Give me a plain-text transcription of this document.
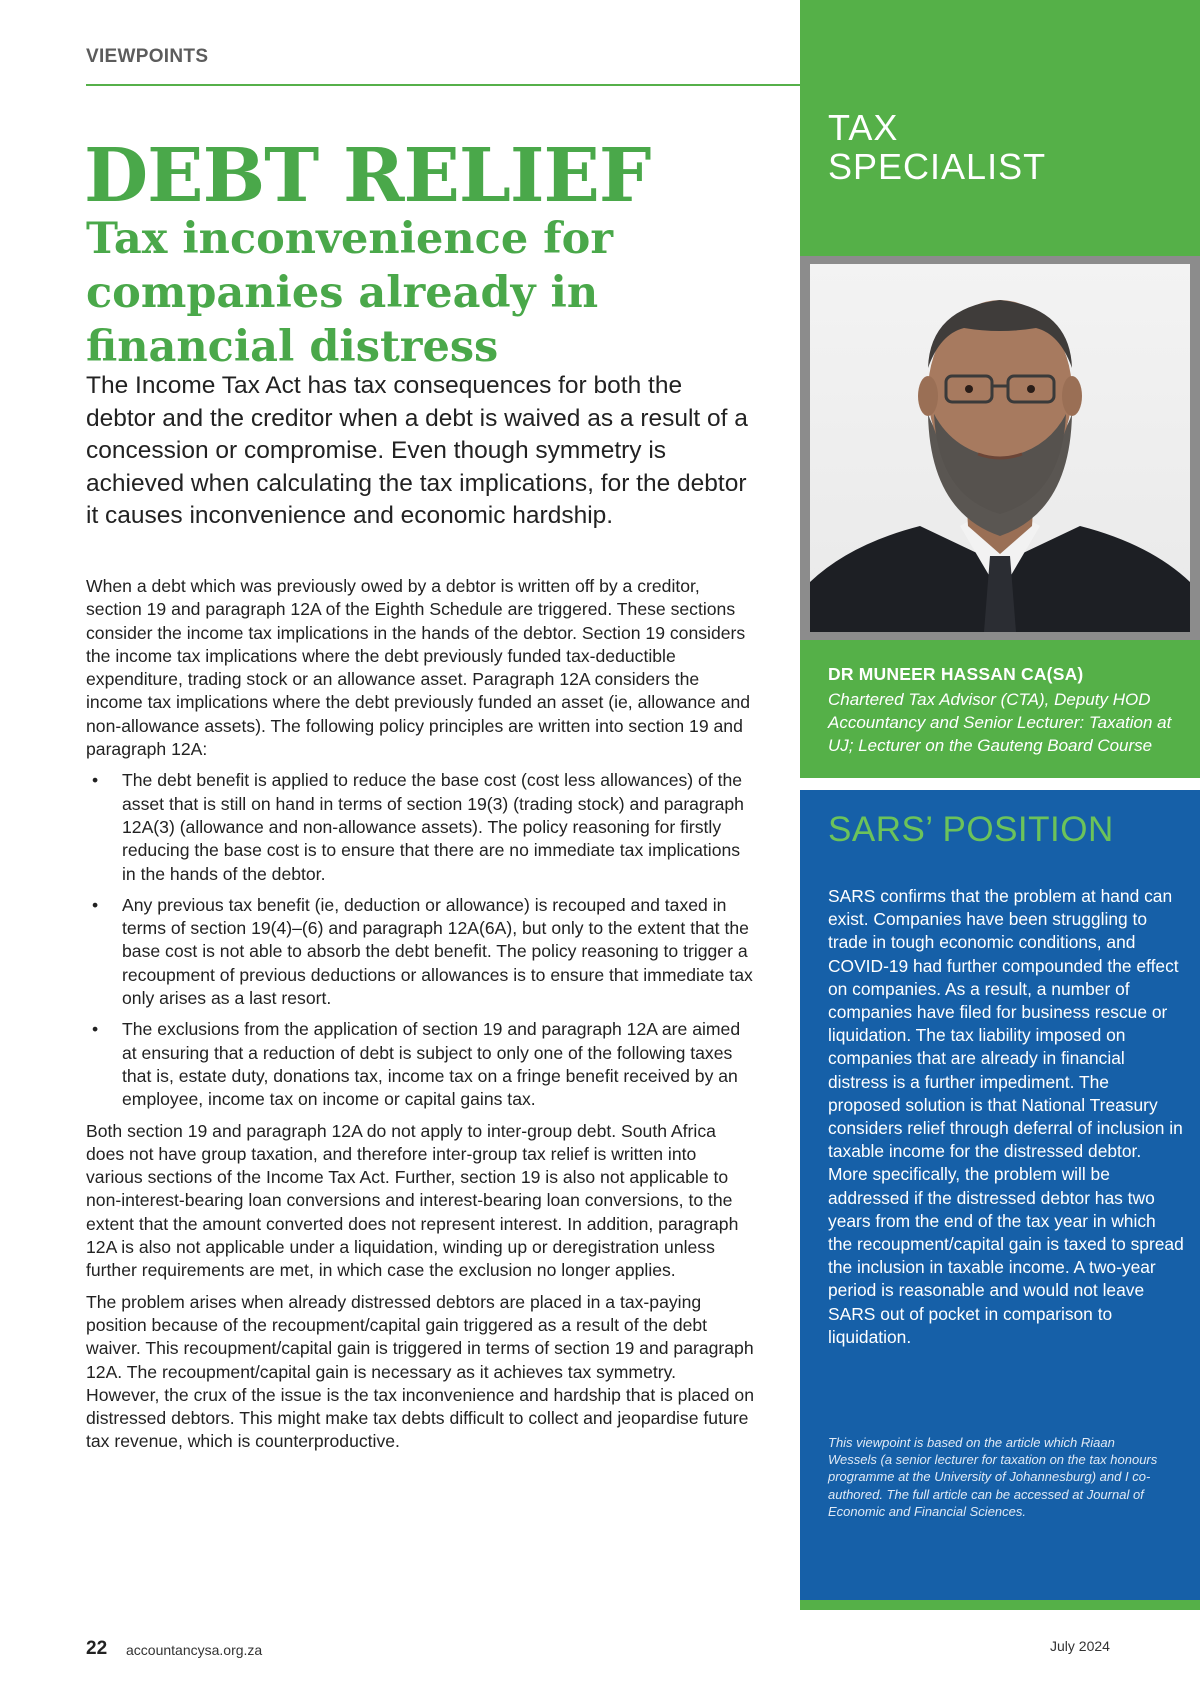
VIEWPOINTS
DEBT RELIEF
Tax inconvenience for companies already in financial distress

The Income Tax Act has tax consequences for both the debtor and the creditor when a debt is waived as a result of a concession or compromise. Even though symmetry is achieved when calculating the tax implications, for the debtor it causes inconvenience and economic hardship.

When a debt which was previously owed by a debtor is written off by a creditor, section 19 and paragraph 12A of the Eighth Schedule are triggered. These sections consider the income tax implications in the hands of the debtor. Section 19 considers the income tax implications where the debt previously funded tax-deductible expenditure, trading stock or an allowance asset. Paragraph 12A considers the income tax implications where the debt previously funded an asset (ie, allowance and non-allowance assets). The following policy principles are written into section 19 and paragraph 12A:

• The debt benefit is applied to reduce the base cost (cost less allowances) of the asset that is still on hand in terms of section 19(3) (trading stock) and paragraph 12A(3) (allowance and non-allowance assets). The policy reasoning for firstly reducing the base cost is to ensure that there are no immediate tax implications in the hands of the debtor.
• Any previous tax benefit (ie, deduction or allowance) is recouped and taxed in terms of section 19(4)–(6) and paragraph 12A(6A), but only to the extent that the base cost is not able to absorb the debt benefit. The policy reasoning to trigger a recoupment of previous deductions or allowances is to ensure that immediate tax only arises as a last resort.
• The exclusions from the application of section 19 and paragraph 12A are aimed at ensuring that a reduction of debt is subject to only one of the following taxes that is, estate duty, donations tax, income tax on a fringe benefit received by an employee, income tax on income or capital gains tax.

Both section 19 and paragraph 12A do not apply to inter-group debt. South Africa does not have group taxation, and therefore inter-group tax relief is written into various sections of the Income Tax Act. Further, section 19 is also not applicable to non-interest-bearing loan conversions and interest-bearing loan conversions, to the extent that the amount converted does not represent interest. In addition, paragraph 12A is also not applicable under a liquidation, winding up or deregistration unless further requirements are met, in which case the exclusion no longer applies.

The problem arises when already distressed debtors are placed in a tax-paying position because of the recoupment/capital gain triggered as a result of the debt waiver. This recoupment/capital gain is triggered in terms of section 19 and paragraph 12A. The recoupment/capital gain is necessary as it achieves tax symmetry. However, the crux of the issue is the tax inconvenience and hardship that is placed on distressed debtors. This might make tax debts difficult to collect and jeopardise future tax revenue, which is counterproductive.

TAX
SPECIALIST
DR MUNEER HASSAN CA(SA)
Chartered Tax Advisor (CTA), Deputy HOD Accountancy and Senior Lecturer: Taxation at UJ; Lecturer on the Gauteng Board Course
SARS’ POSITION

SARS confirms that the problem at hand can exist. Companies have been struggling to trade in tough economic conditions, and COVID-19 had further compounded the effect on companies. As a result, a number of companies have filed for business rescue or liquidation. The tax liability imposed on companies that are already in financial distress is a further impediment. The proposed solution is that National Treasury considers relief through deferral of inclusion in taxable income for the distressed debtor. More specifically, the problem will be addressed if the distressed debtor has two years from the end of the tax year in which the recoupment/capital gain is taxed to spread the inclusion in taxable income. A two-year period is reasonable and would not leave SARS out of pocket in comparison to liquidation.

This viewpoint is based on the article which Riaan Wessels (a senior lecturer for taxation on the tax honours programme at the University of Johannesburg) and I co-authored. The full article can be accessed at Journal of Economic and Financial Sciences.

22 accountancysa.org.za	July 2024
